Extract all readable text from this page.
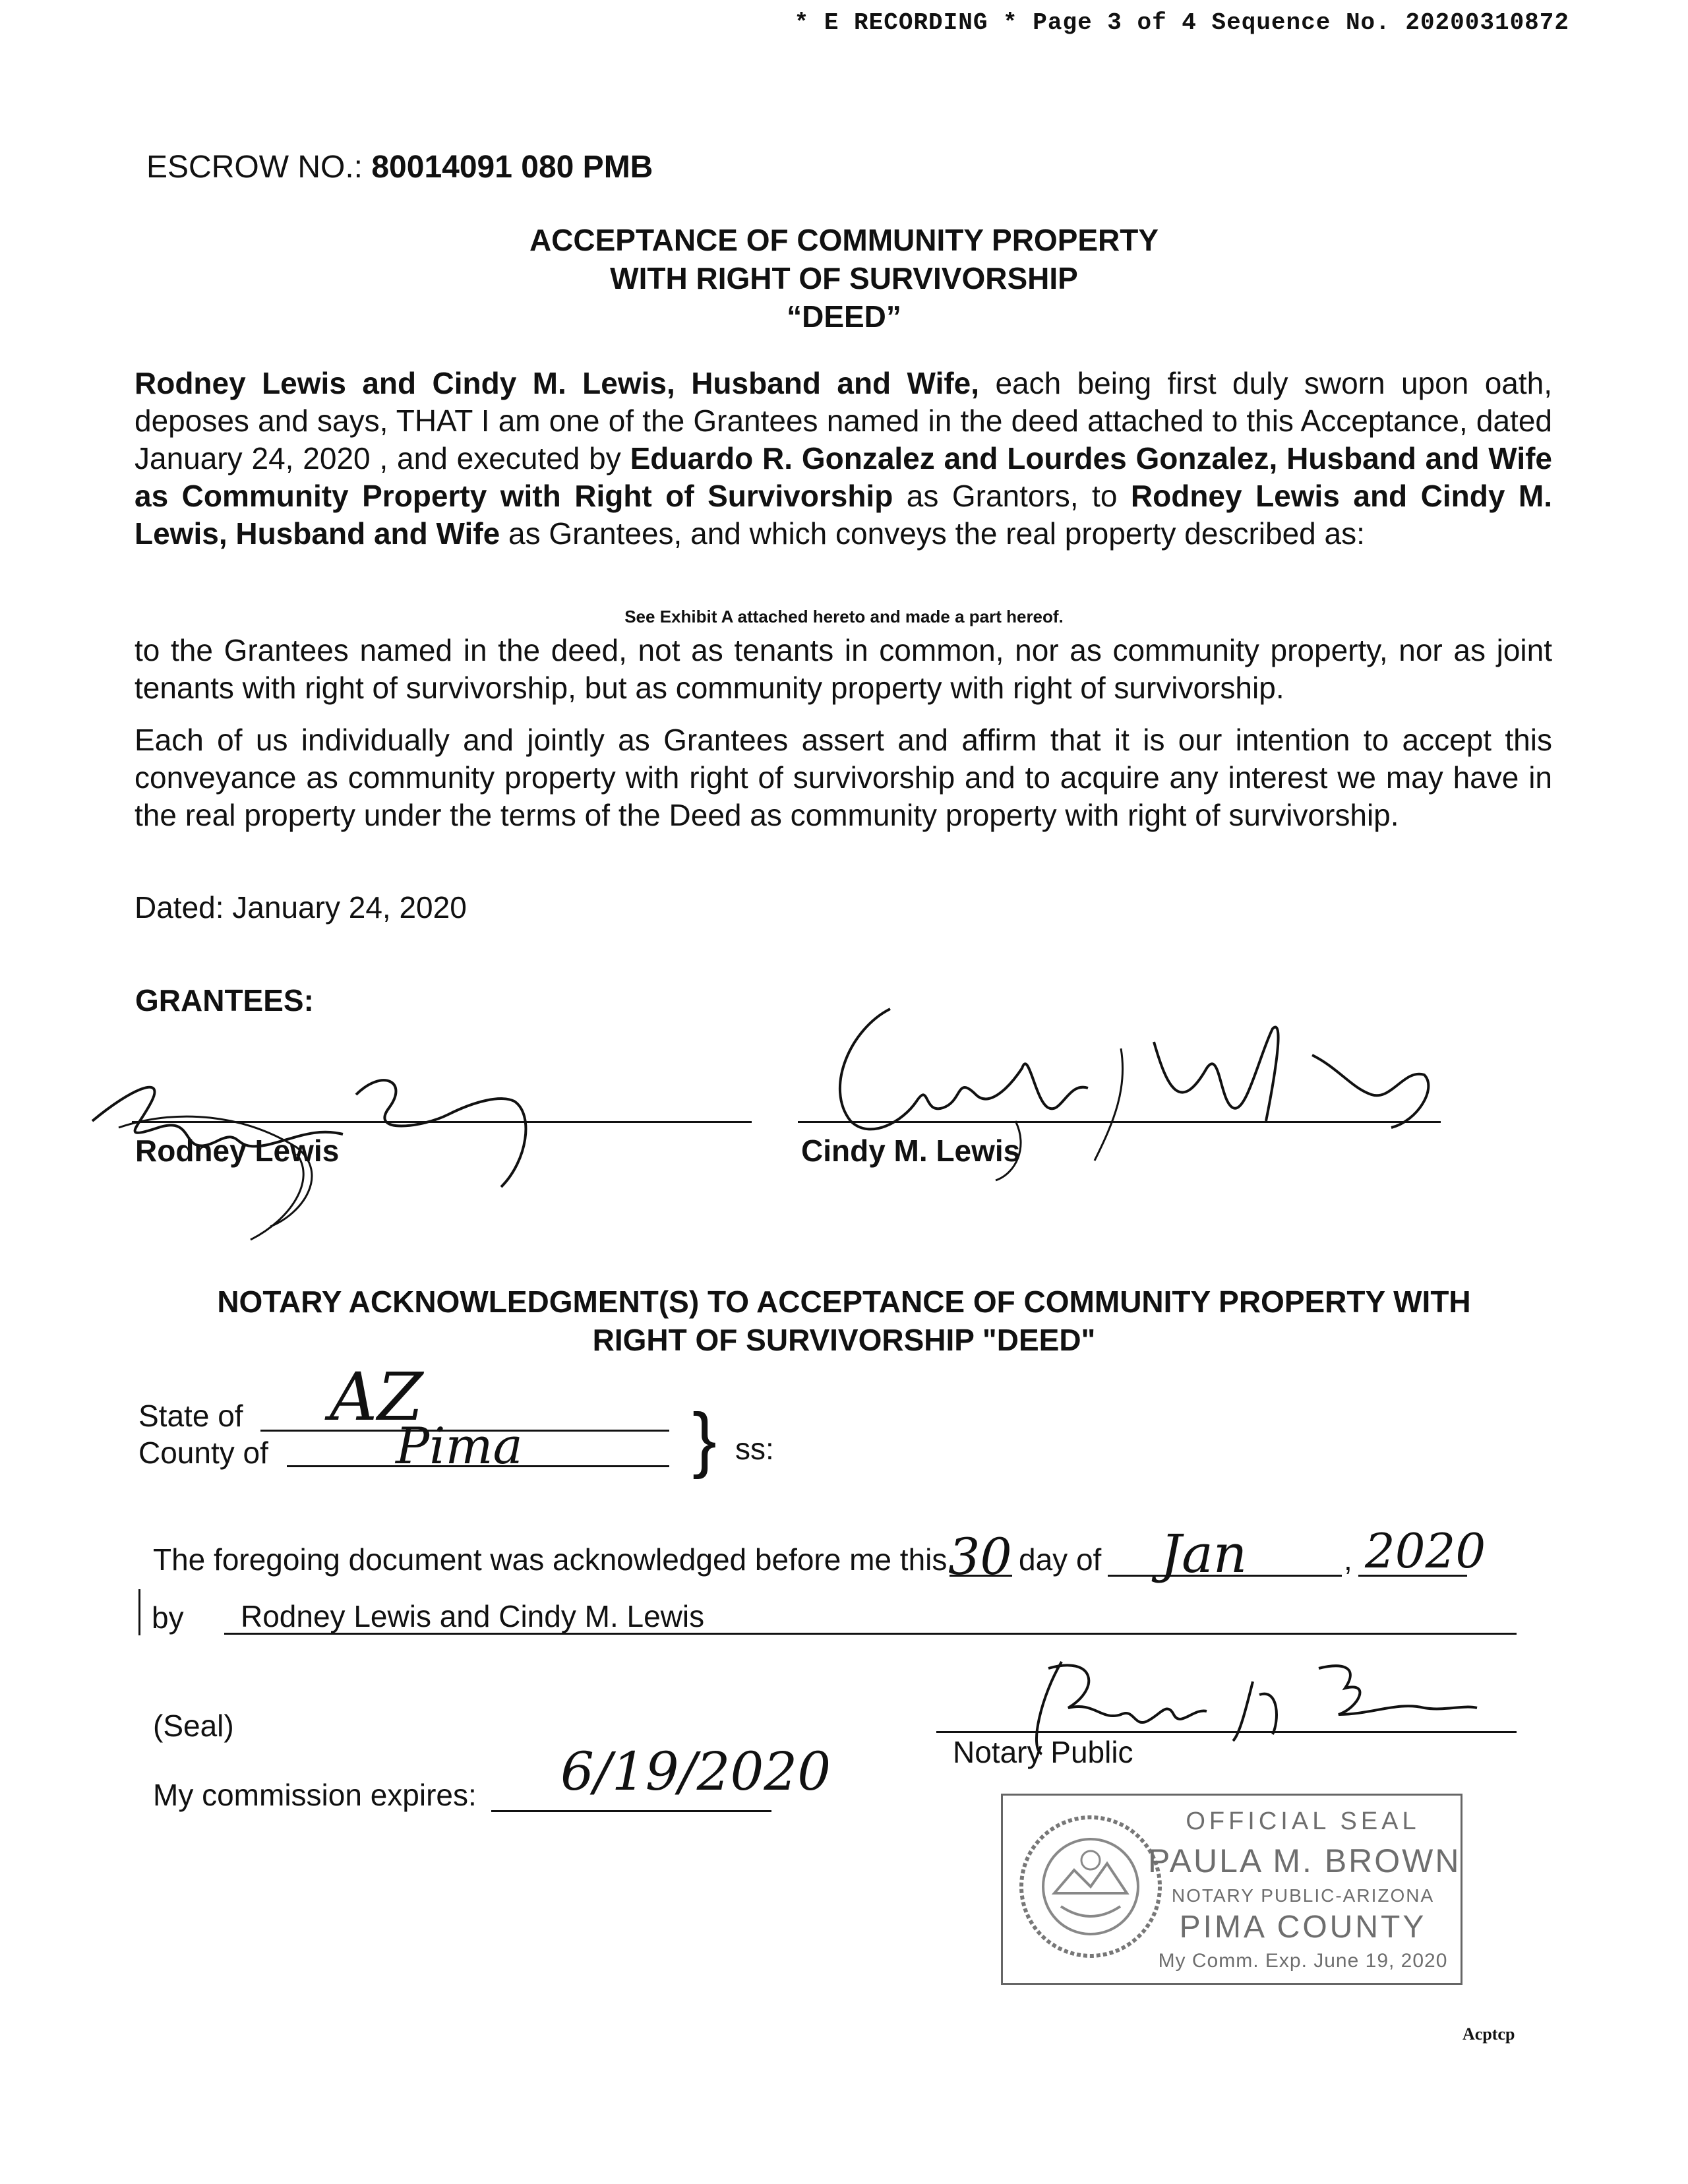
* E RECORDING * Page 3 of 4 Sequence No. 20200310872
ESCROW NO.: 80014091 080 PMB
ACCEPTANCE OF COMMUNITY PROPERTY
WITH RIGHT OF SURVIVORSHIP
“DEED”
Rodney Lewis and Cindy M. Lewis, Husband and Wife, each being first duly sworn upon oath, deposes and says, THAT I am one of the Grantees named in the deed attached to this Acceptance, dated January 24, 2020 , and executed by Eduardo R. Gonzalez and Lourdes Gonzalez, Husband and Wife as Community Property with Right of Survivorship as Grantors, to Rodney Lewis and Cindy M. Lewis, Husband and Wife as Grantees, and which conveys the real property described as:
See Exhibit A attached hereto and made a part hereof.
to the Grantees named in the deed, not as tenants in common, nor as community property, nor as joint tenants with right of survivorship, but as community property with right of survivorship.
Each of us individually and jointly as Grantees assert and affirm that it is our intention to accept this conveyance as community property with right of survivorship and to acquire any interest we may have in the real property under the terms of the Deed as community property with right of survivorship.
Dated: January 24, 2020
GRANTEES:
Rodney Lewis	Cindy M. Lewis
NOTARY ACKNOWLEDGMENT(S) TO ACCEPTANCE OF COMMUNITY PROPERTY WITH
RIGHT OF SURVIVORSHIP "DEED"
State of AZ
County of	Pima } ss:
The foregoing document was acknowledged before me this 30 day of Jan	, 2020
by Rodney Lewis and Cindy M. Lewis
(Seal)
My commission expires: 6/19/2020	Notary Public
OFFICIAL SEAL
PAULA M. BROWN
NOTARY PUBLIC-ARIZONA
PIMA COUNTY
My Comm. Exp. June 19, 2020
Acptcp
